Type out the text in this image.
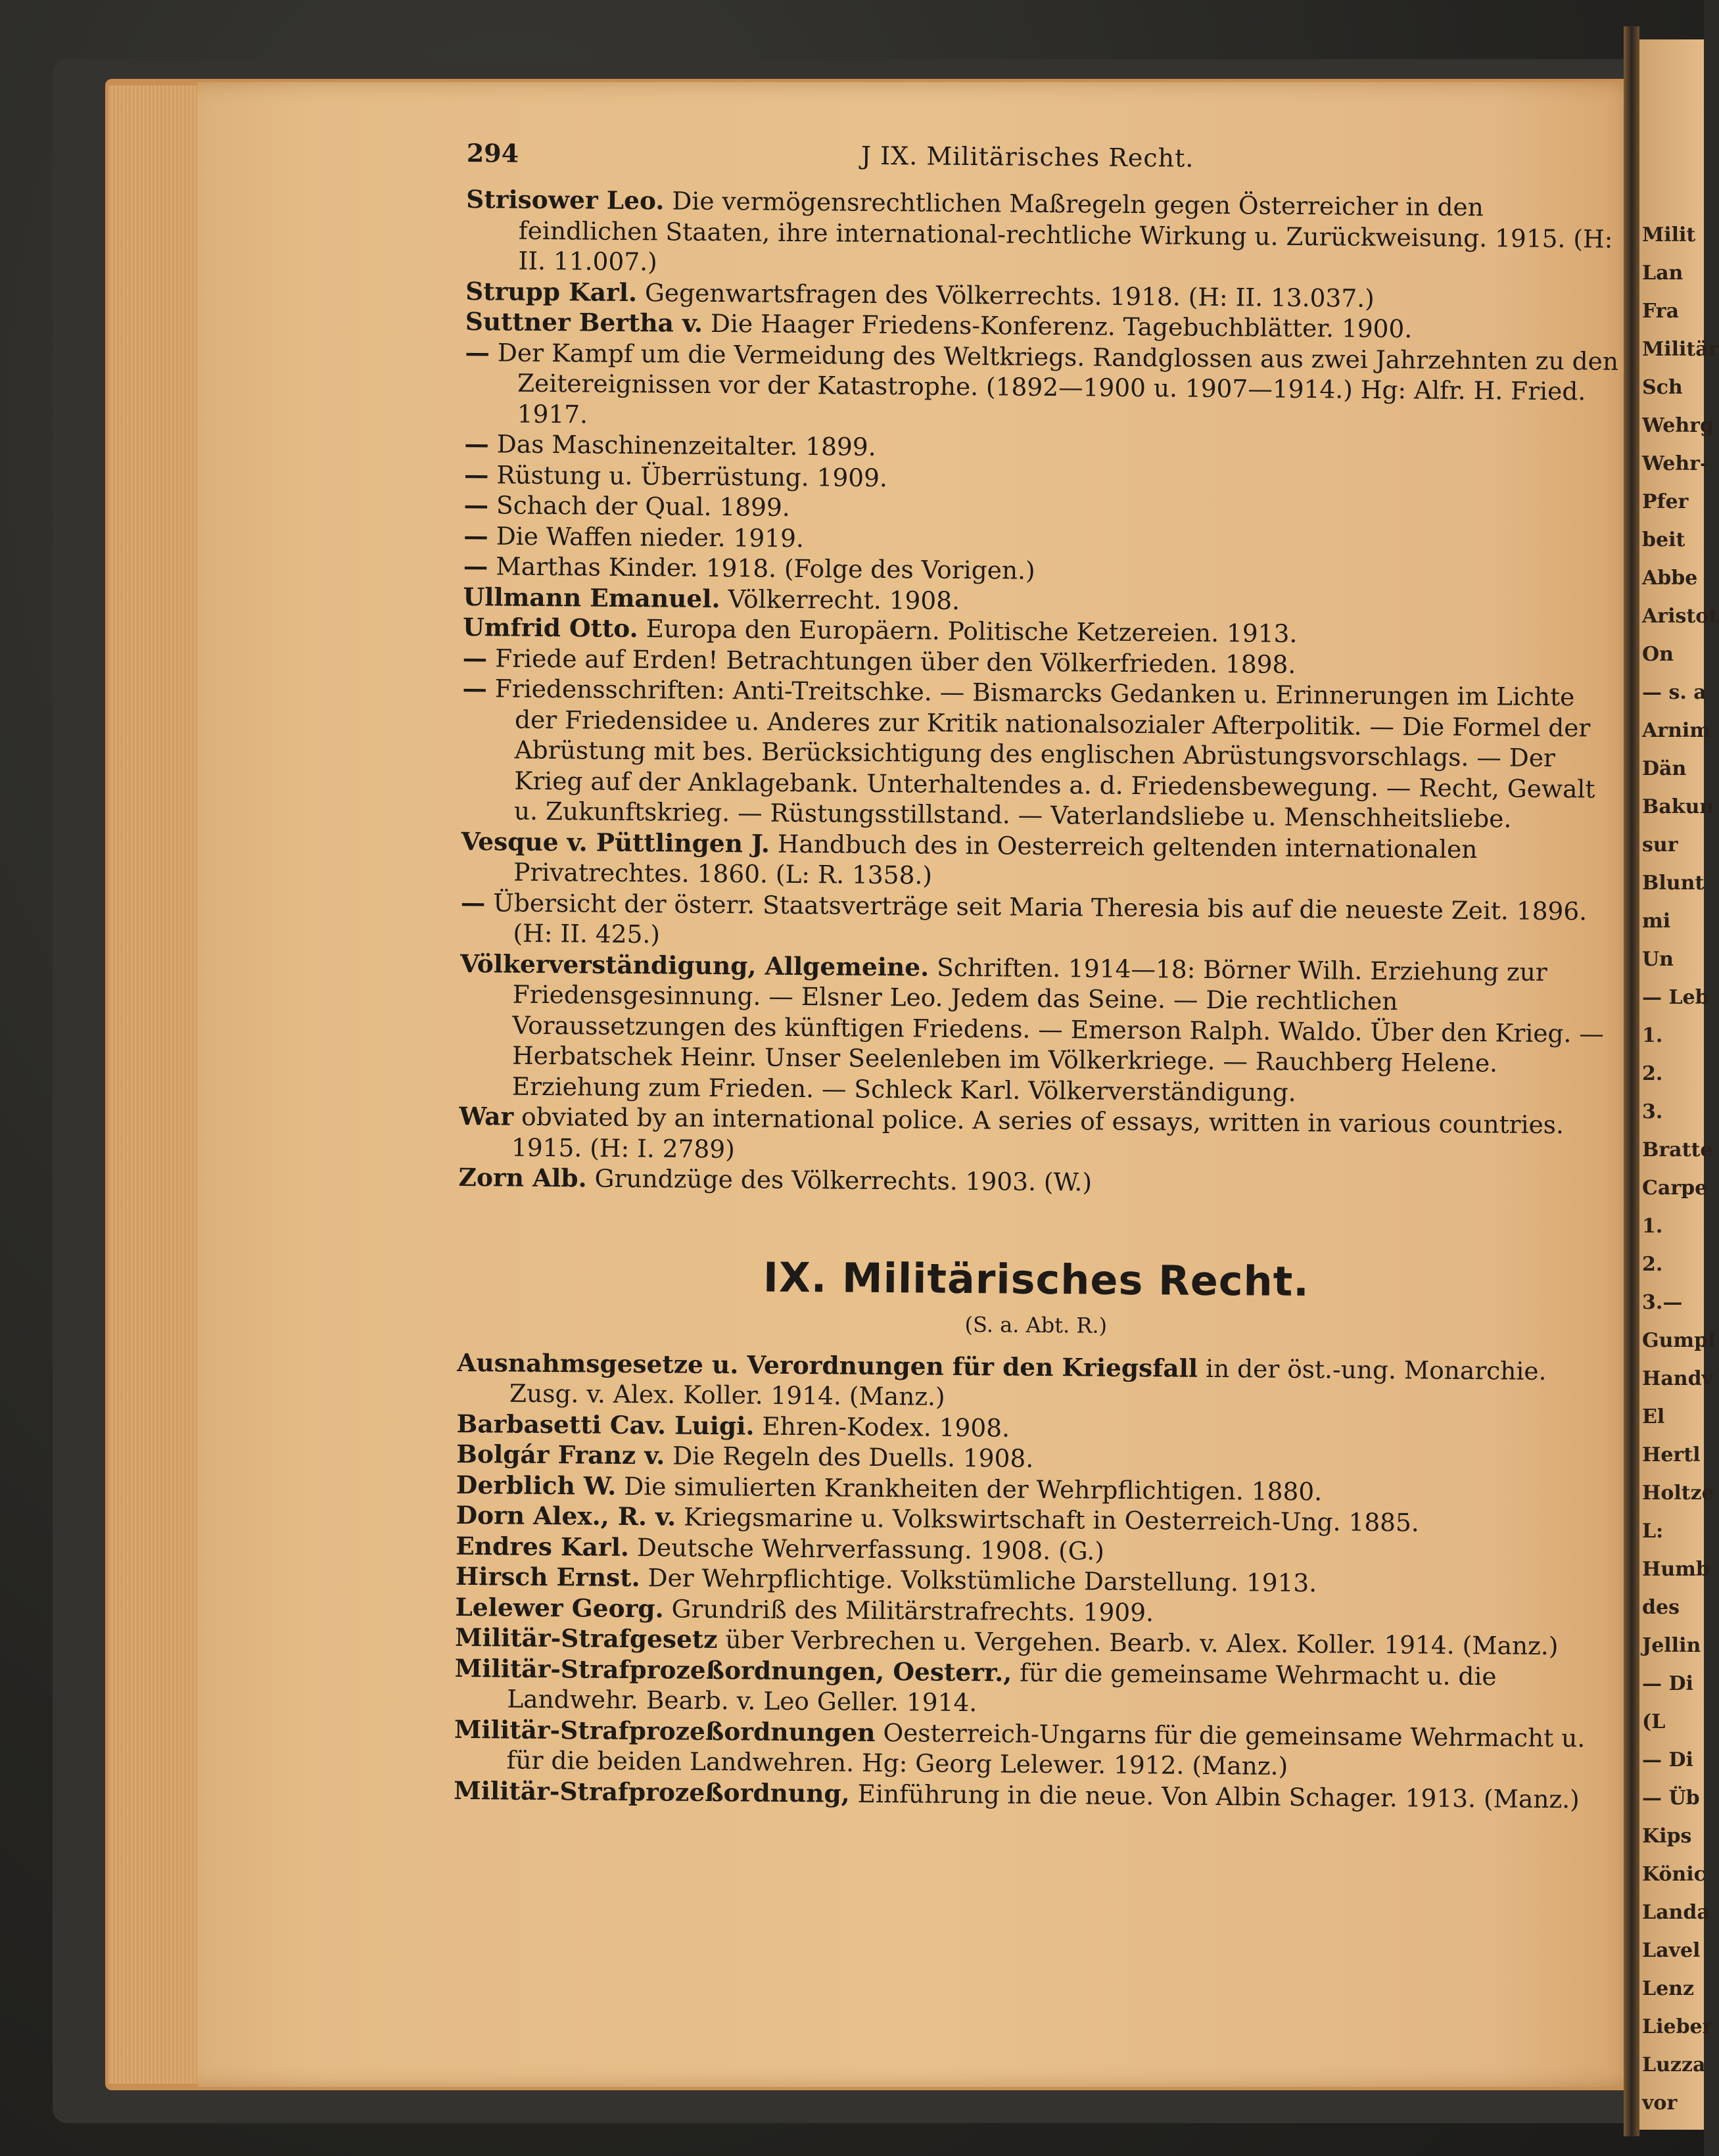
Milit
Lan
Fra
Militär
Sch
Wehrg
Wehr-
Pfer
beit
Abbe
Aristot
On
— s. a
Arnim
Dän
Bakun
sur
Blunt
mi
Un
— Leb
1.
2.
3.
Bratte
Carpe
1.
2.
3.—
Gumpl
Handv
El
Hertl
Holtze
L:
Humb
des
Jellin
— Di
(L
— Di
— Üb
Kips
Könic
Landa
Lavel
Lenz
Lieber
Luzza
vor
294	J IX. Militärisches Recht.

Strisower Leo. Die vermögensrechtlichen Maßregeln gegen Österreicher in den feindlichen Staaten, ihre international-rechtliche Wirkung u. Zurückweisung. 1915. (H: II. 11.007.)

Strupp Karl. Gegenwartsfragen des Völkerrechts. 1918. (H: II. 13.037.)

Suttner Bertha v. Die Haager Friedens-Konferenz. Tagebuchblätter. 1900.

— Der Kampf um die Vermeidung des Weltkriegs. Randglossen aus zwei Jahrzehnten zu den Zeitereignissen vor der Katastrophe. (1892—1900 u. 1907—1914.) Hg: Alfr. H. Fried. 1917.

— Das Maschinenzeitalter. 1899.

— Rüstung u. Überrüstung. 1909.

— Schach der Qual. 1899.

— Die Waffen nieder. 1919.

— Marthas Kinder. 1918. (Folge des Vorigen.)

Ullmann Emanuel. Völkerrecht. 1908.

Umfrid Otto. Europa den Europäern. Politische Ketzereien. 1913.

— Friede auf Erden! Betrachtungen über den Völkerfrieden. 1898.

— Friedensschriften: Anti-Treitschke. — Bismarcks Gedanken u. Erinnerungen im Lichte der Friedensidee u. Anderes zur Kritik nationalsozialer Afterpolitik. — Die Formel der Abrüstung mit bes. Berücksichtigung des englischen Abrüstungsvorschlags. — Der Krieg auf der Anklagebank. Unterhaltendes a. d. Friedensbewegung. — Recht, Gewalt u. Zukunftskrieg. — Rüstungsstillstand. — Vaterlandsliebe u. Menschheitsliebe.

Vesque v. Püttlingen J. Handbuch des in Oesterreich geltenden internationalen Privatrechtes. 1860. (L: R. 1358.)

— Übersicht der österr. Staatsverträge seit Maria Theresia bis auf die neueste Zeit. 1896. (H: II. 425.)

Völkerverständigung, Allgemeine. Schriften. 1914—18: Börner Wilh. Erziehung zur Friedensgesinnung. — Elsner Leo. Jedem das Seine. — Die rechtlichen Voraussetzungen des künftigen Friedens. — Emerson Ralph. Waldo. Über den Krieg. — Herbatschek Heinr. Unser Seelenleben im Völkerkriege. — Rauchberg Helene. Erziehung zum Frieden. — Schleck Karl. Völkerverständigung.

War obviated by an international police. A series of essays, written in various countries. 1915. (H: I. 2789)

Zorn Alb. Grundzüge des Völkerrechts. 1903. (W.)

IX. Militärisches Recht.
(S. a. Abt. R.)

Ausnahmsgesetze u. Verordnungen für den Kriegsfall in der öst.-ung. Monarchie. Zusg. v. Alex. Koller. 1914. (Manz.)

Barbasetti Cav. Luigi. Ehren-Kodex. 1908.

Bolgár Franz v. Die Regeln des Duells. 1908.

Derblich W. Die simulierten Krankheiten der Wehrpflichtigen. 1880.

Dorn Alex., R. v. Kriegsmarine u. Volkswirtschaft in Oesterreich-Ung. 1885.

Endres Karl. Deutsche Wehrverfassung. 1908. (G.)

Hirsch Ernst. Der Wehrpflichtige. Volkstümliche Darstellung. 1913.

Lelewer Georg. Grundriß des Militärstrafrechts. 1909.

Militär-Strafgesetz über Verbrechen u. Vergehen. Bearb. v. Alex. Koller. 1914. (Manz.)

Militär-Strafprozeßordnungen, Oesterr., für die gemeinsame Wehrmacht u. die Landwehr. Bearb. v. Leo Geller. 1914.

Militär-Strafprozeßordnungen Oesterreich-Ungarns für die gemeinsame Wehrmacht u. für die beiden Landwehren. Hg: Georg Lelewer. 1912. (Manz.)

Militär-Strafprozeßordnung, Einführung in die neue. Von Albin Schager. 1913. (Manz.)
